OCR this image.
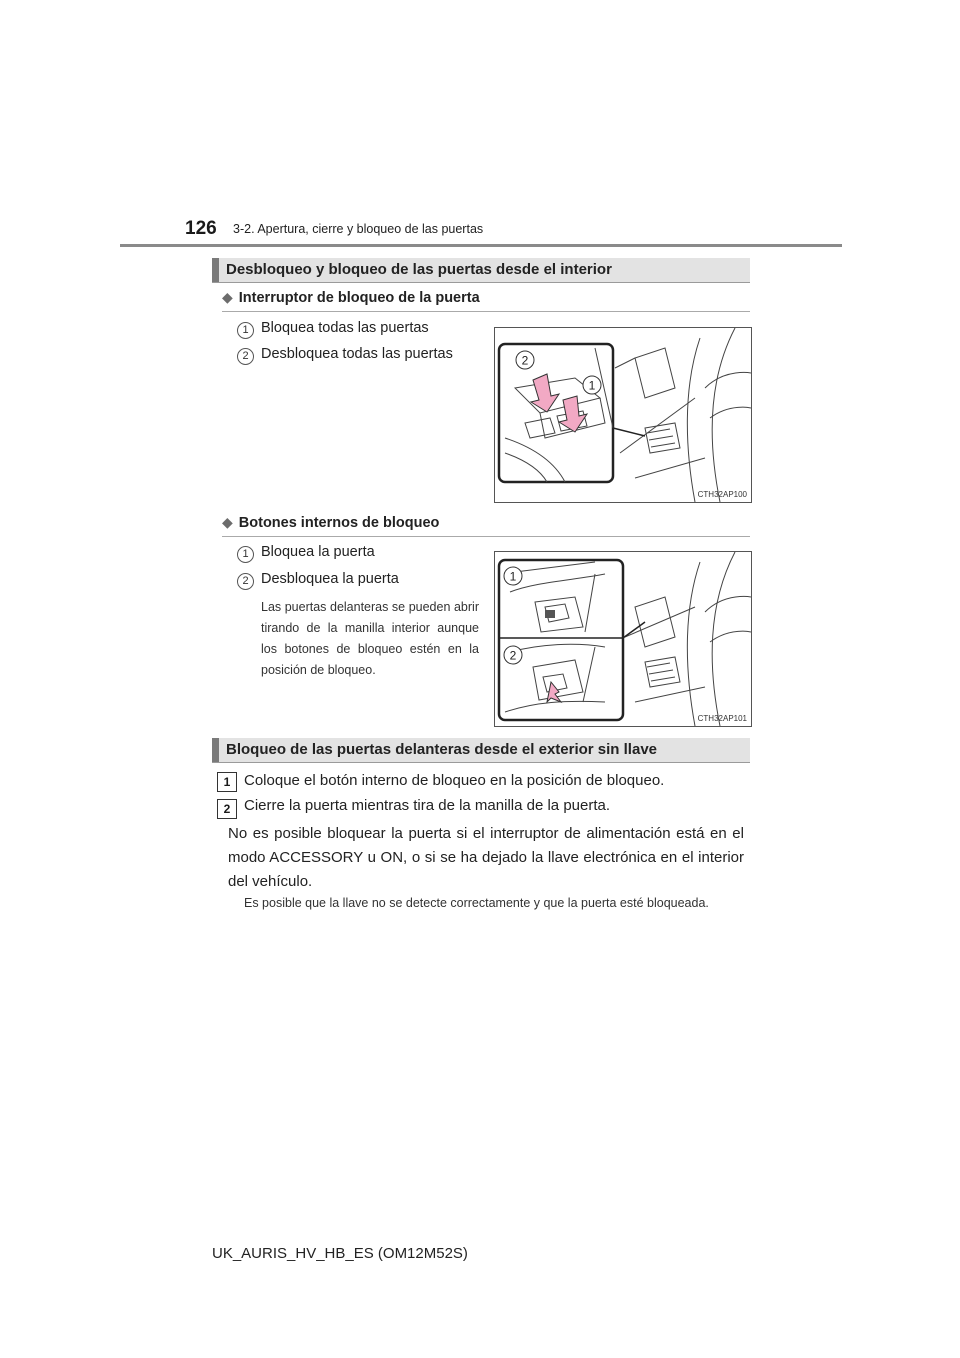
126 3-2. Apertura, cierre y bloqueo de las puertas
Desbloqueo y bloqueo de las puertas desde el interior
◆ Interruptor de bloqueo de la puerta
1 Bloquea todas las puertas
2 Desbloquea todas las puertas	2
1
CTH32AP100
◆ Botones internos de bloqueo
1 Bloquea la puerta
2 Desbloquea la puerta
Las puertas delanteras se pueden abrir tirando de la manilla interior aunque los botones de bloqueo estén en la posición de bloqueo.
1
2
CTH32AP101
Bloqueo de las puertas delanteras desde el exterior sin llave
1 Coloque el botón interno de bloqueo en la posición de bloqueo.
2 Cierre la puerta mientras tira de la manilla de la puerta.
No es posible bloquear la puerta si el interruptor de alimentación está en el modo ACCESSORY u ON, o si se ha dejado la llave electrónica en el interior del vehículo.
Es posible que la llave no se detecte correctamente y que la puerta esté bloqueada.
UK_AURIS_HV_HB_ES (OM12M52S)
